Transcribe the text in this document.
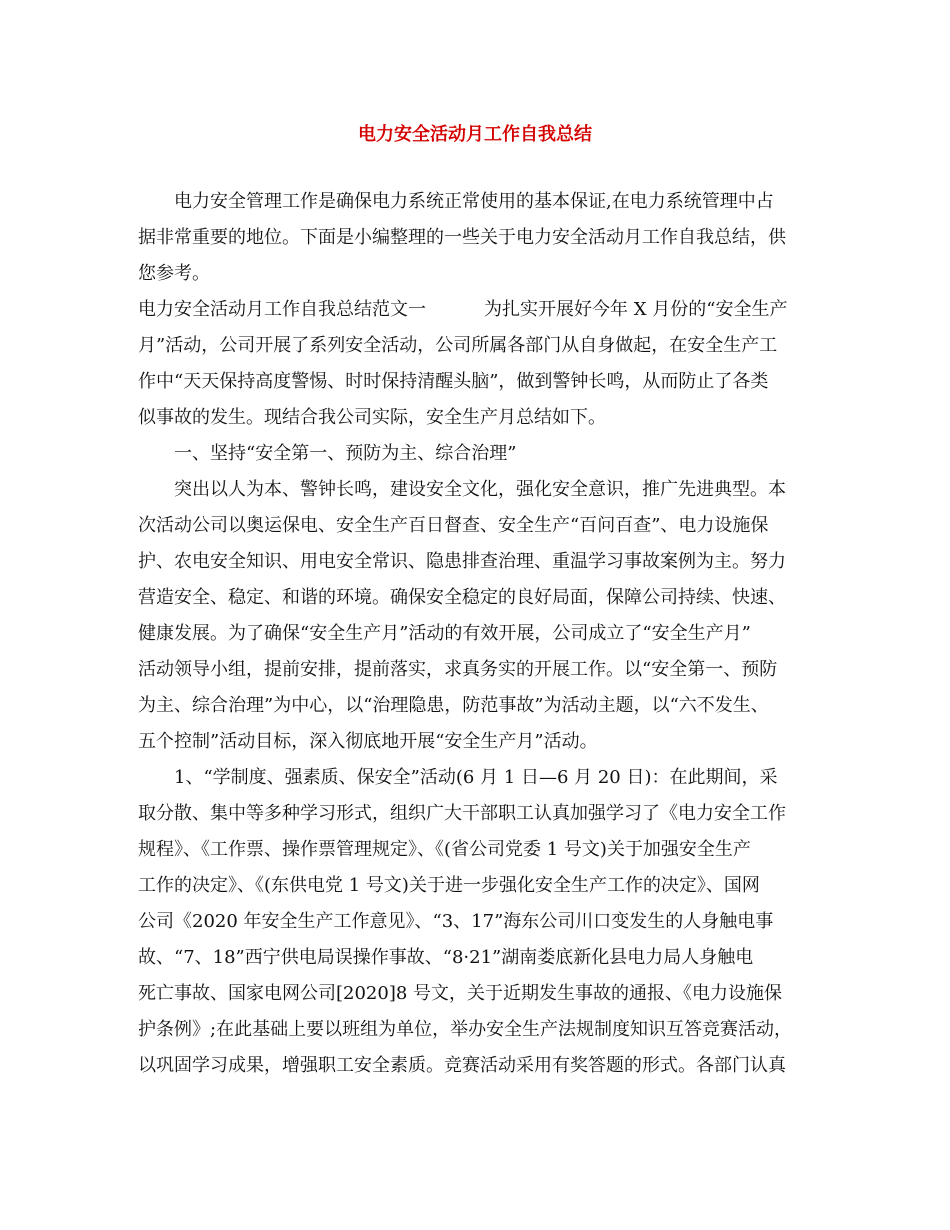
电力安全活动月工作自我总结
电力安全管理工作是确保电力系统正常使用的基本保证,在电力系统管理中占
据非常重要的地位。下面是小编整理的一些关于电力安全活动月工作自我总结，供
您参考。
电力安全活动月工作自我总结范文一	为扎实开展好今年 X 月份的“安全生产
月”活动，公司开展了系列安全活动，公司所属各部门从自身做起，在安全生产工
作中“天天保持高度警惕、时时保持清醒头脑”，做到警钟长鸣，从而防止了各类
似事故的发生。现结合我公司实际，安全生产月总结如下。
一、坚持“安全第一、预防为主、综合治理”
突出以人为本、警钟长鸣，建设安全文化，强化安全意识，推广先进典型。本
次活动公司以奥运保电、安全生产百日督查、安全生产“百问百查”、电力设施保
护、农电安全知识、用电安全常识、隐患排查治理、重温学习事故案例为主。努力
营造安全、稳定、和谐的环境。确保安全稳定的良好局面，保障公司持续、快速、
健康发展。为了确保“安全生产月”活动的有效开展，公司成立了“安全生产月”
活动领导小组，提前安排，提前落实，求真务实的开展工作。以“安全第一、预防
为主、综合治理”为中心，以“治理隐患，防范事故”为活动主题，以“六不发生、
五个控制”活动目标，深入彻底地开展“安全生产月”活动。
1、“学制度、强素质、保安全”活动(6 月 1 日—6 月 20 日)：在此期间，采
取分散、集中等多种学习形式，组织广大干部职工认真加强学习了《电力安全工作
规程》、《工作票、操作票管理规定》、《(省公司党委 1 号文)关于加强安全生产
工作的决定》、《(东供电党 1 号文)关于进一步强化安全生产工作的决定》、国网
公司《2020 年安全生产工作意见》、“3、17”海东公司川口变发生的人身触电事
故、“7、18”西宁供电局误操作事故、“8·21”湖南娄底新化县电力局人身触电
死亡事故、国家电网公司[2020]8 号文，关于近期发生事故的通报、《电力设施保
护条例》;在此基础上要以班组为单位，举办安全生产法规制度知识互答竞赛活动，
以巩固学习成果，增强职工安全素质。竞赛活动采用有奖答题的形式。各部门认真
